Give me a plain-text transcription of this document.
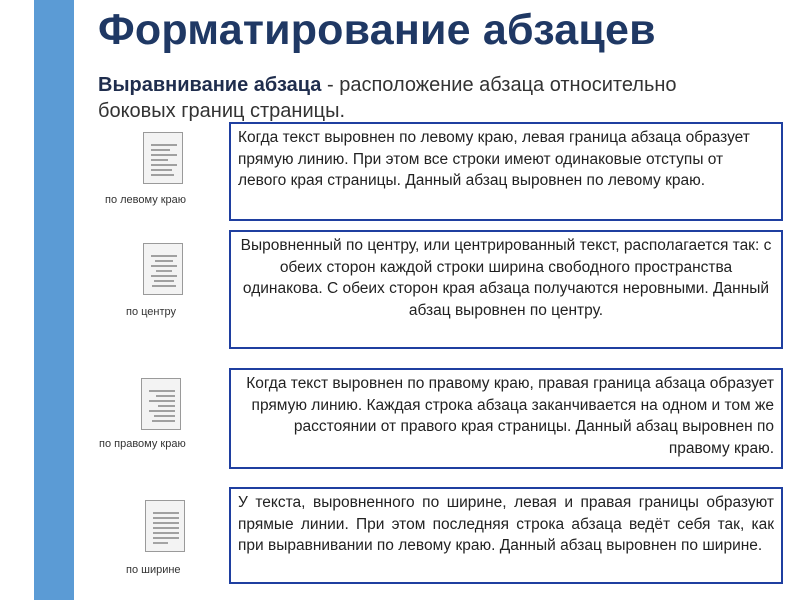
Форматирование абзацев
Выравнивание абзаца - расположение абзаца относительно боковых границ страницы.
по левому краю
Когда текст выровнен по левому краю, левая граница абзаца образует прямую линию. При этом все строки имеют одинаковые отступы от левого края страницы. Данный абзац выровнен по левому краю.
по центру
Выровненный по центру, или центрированный текст, располагается так: с обеих сторон каждой строки ширина свободного пространства одинакова. С обеих сторон края абзаца получаются неровными. Данный абзац выровнен по центру.
по правому краю
Когда текст выровнен по правому краю, правая граница абзаца образует прямую линию. Каждая строка абзаца заканчивается на одном и том же расстоянии от правого края страницы. Данный абзац выровнен по правому краю.
по ширине
У текста, выровненного по ширине, левая и правая границы образуют прямые линии. При этом последняя строка абзаца ведёт себя так, как при выравнивании по левому краю. Данный абзац выровнен по ширине.
